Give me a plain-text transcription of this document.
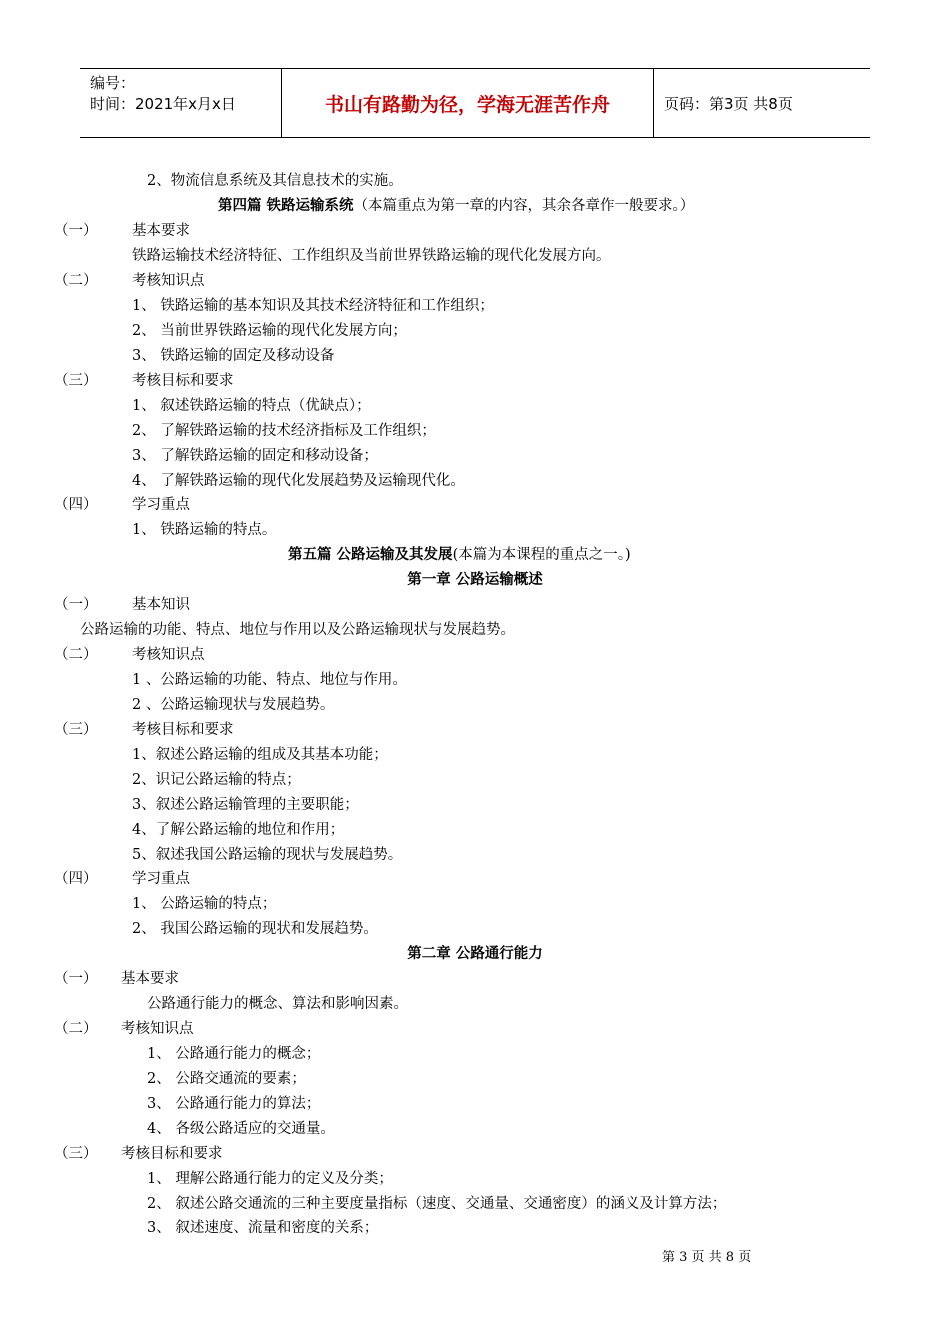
编号：
时间：2021年x月x日	书山有路勤为径，学海无涯苦作舟	页码：第3页 共8页
2、物流信息系统及其信息技术的实施。
第四篇 铁路运输系统（本篇重点为第一章的内容，其余各章作一般要求。）
（一） 基本要求
铁路运输技术经济特征、工作组织及当前世界铁路运输的现代化发展方向。
（二） 考核知识点
1、 铁路运输的基本知识及其技术经济特征和工作组织；
2、 当前世界铁路运输的现代化发展方向；
3、 铁路运输的固定及移动设备
（三） 考核目标和要求
1、 叙述铁路运输的特点（优缺点）；
2、 了解铁路运输的技术经济指标及工作组织；
3、 了解铁路运输的固定和移动设备；
4、 了解铁路运输的现代化发展趋势及运输现代化。
（四） 学习重点
1、 铁路运输的特点。
第五篇 公路运输及其发展(本篇为本课程的重点之一。)
第一章 公路运输概述
（一） 基本知识
公路运输的功能、特点、地位与作用以及公路运输现状与发展趋势。
（二） 考核知识点
1 、公路运输的功能、特点、地位与作用。
2 、公路运输现状与发展趋势。
（三） 考核目标和要求
1、叙述公路运输的组成及其基本功能；
2、识记公路运输的特点；
3、叙述公路运输管理的主要职能；
4、了解公路运输的地位和作用；
5、叙述我国公路运输的现状与发展趋势。
（四） 学习重点
1、 公路运输的特点；
2、 我国公路运输的现状和发展趋势。
第二章 公路通行能力
（一） 基本要求
公路通行能力的概念、算法和影响因素。
（二） 考核知识点
1、 公路通行能力的概念；
2、 公路交通流的要素；
3、 公路通行能力的算法；
4、 各级公路适应的交通量。
（三） 考核目标和要求
1、 理解公路通行能力的定义及分类；
2、 叙述公路交通流的三种主要度量指标（速度、交通量、交通密度）的涵义及计算方法；
3、 叙述速度、流量和密度的关系；
第 3 页 共 8 页
